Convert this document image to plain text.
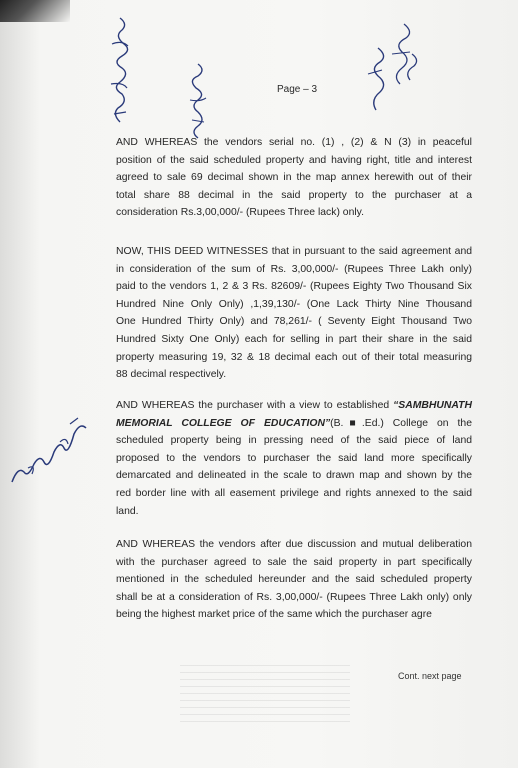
Page – 3

AND WHEREAS the vendors serial no. (1) , (2) & N (3) in peaceful
position of the said scheduled property and having right, title and interest
agreed to sale 69 decimal shown in the map annex herewith out of their
total share 88 decimal in the said property to the purchaser at a
consideration Rs.3,00,000/- (Rupees Three lack) only.

NOW, THIS DEED WITNESSES that in pursuant to the said agreement and
in consideration of the sum of Rs. 3,00,000/- (Rupees Three Lakh only)
paid to the vendors 1, 2 & 3 Rs. 82609/- (Rupees Eighty Two Thousand Six
Hundred Nine Only Only) ,1,39,130/- (One Lack Thirty Nine Thousand
One Hundred Thirty Only) and 78,261/- ( Seventy Eight Thousand Two
Hundred Sixty One Only) each for selling in part their share in the said
property measuring 19, 32 & 18 decimal each out of their total measuring
88 decimal respectively.

AND WHEREAS the purchaser with a view to established “SAMBHUNATH
MEMORIAL COLLEGE OF EDUCATION”(B.■.Ed.) College on the
scheduled property being in pressing need of the said piece of land
proposed to the vendors to purchaser the said land more specifically
demarcated and delineated in the scale to drawn map and shown by the
red border line with all easement privilege and rights annexed to the said
land.

AND WHEREAS the vendors after due discussion and mutual deliberation
with the purchaser agreed to sale the said property in part specifically
mentioned in the scheduled hereunder and the said scheduled property
shall be at a consideration of Rs. 3,00,000/- (Rupees Three Lakh only) only
being the highest market price of the same which the purchaser agre

Cont. next page
